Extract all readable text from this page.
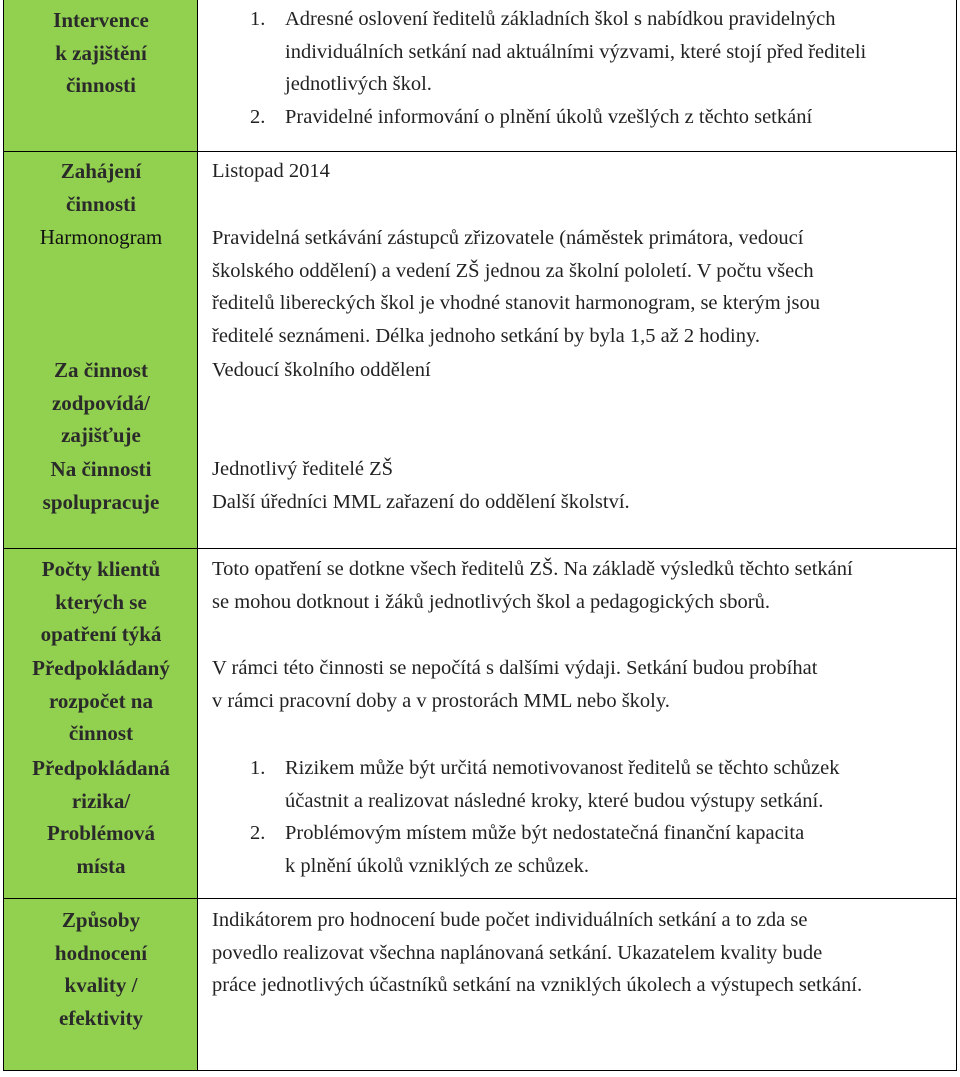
Intervence
k zajištění
činnosti
1. Adresné oslovení ředitelů základních škol s nabídkou pravidelných

individuálních setkání nad aktuálními výzvami, které stojí před řediteli

jednotlivých škol.

2. Pravidelné informování o plnění úkolů vzešlých z těchto setkání

Zahájení
činnosti

Listopad 2014

Harmonogram	Pravidelná setkávání zástupců zřizovatele (náměstek primátora, vedoucí

školského oddělení) a vedení ZŠ jednou za školní pololetí. V počtu všech

ředitelů libereckých škol je vhodné stanovit harmonogram, se kterým jsou

ředitelé seznámeni. Délka jednoho setkání by byla 1,5 až 2 hodiny.

Za činnost
zodpovídá/
zajišťuje

Vedoucí školního oddělení

Na činnosti
spolupracuje

Jednotlivý ředitelé ZŠ

Další úředníci MML zařazení do oddělení školství.

Počty klientů
kterých se
opatření týká

Toto opatření se dotkne všech ředitelů ZŠ. Na základě výsledků těchto setkání

se mohou dotknout i žáků jednotlivých škol a pedagogických sborů.

Předpokládaný
rozpočet na
činnost

V rámci této činnosti se nepočítá s dalšími výdaji. Setkání budou probíhat

v rámci pracovní doby a v prostorách MML nebo školy.

Předpokládaná
rizika/
Problémová
místa
1. Rizikem může být určitá nemotivovanost ředitelů se těchto schůzek

účastnit a realizovat následné kroky, které budou výstupy setkání.

2. Problémovým místem může být nedostatečná finanční kapacita

k plnění úkolů vzniklých ze schůzek.

Způsoby
hodnocení
kvality /
efektivity

Indikátorem pro hodnocení bude počet individuálních setkání a to zda se

povedlo realizovat všechna naplánovaná setkání. Ukazatelem kvality bude

práce jednotlivých účastníků setkání na vzniklých úkolech a výstupech setkání.
